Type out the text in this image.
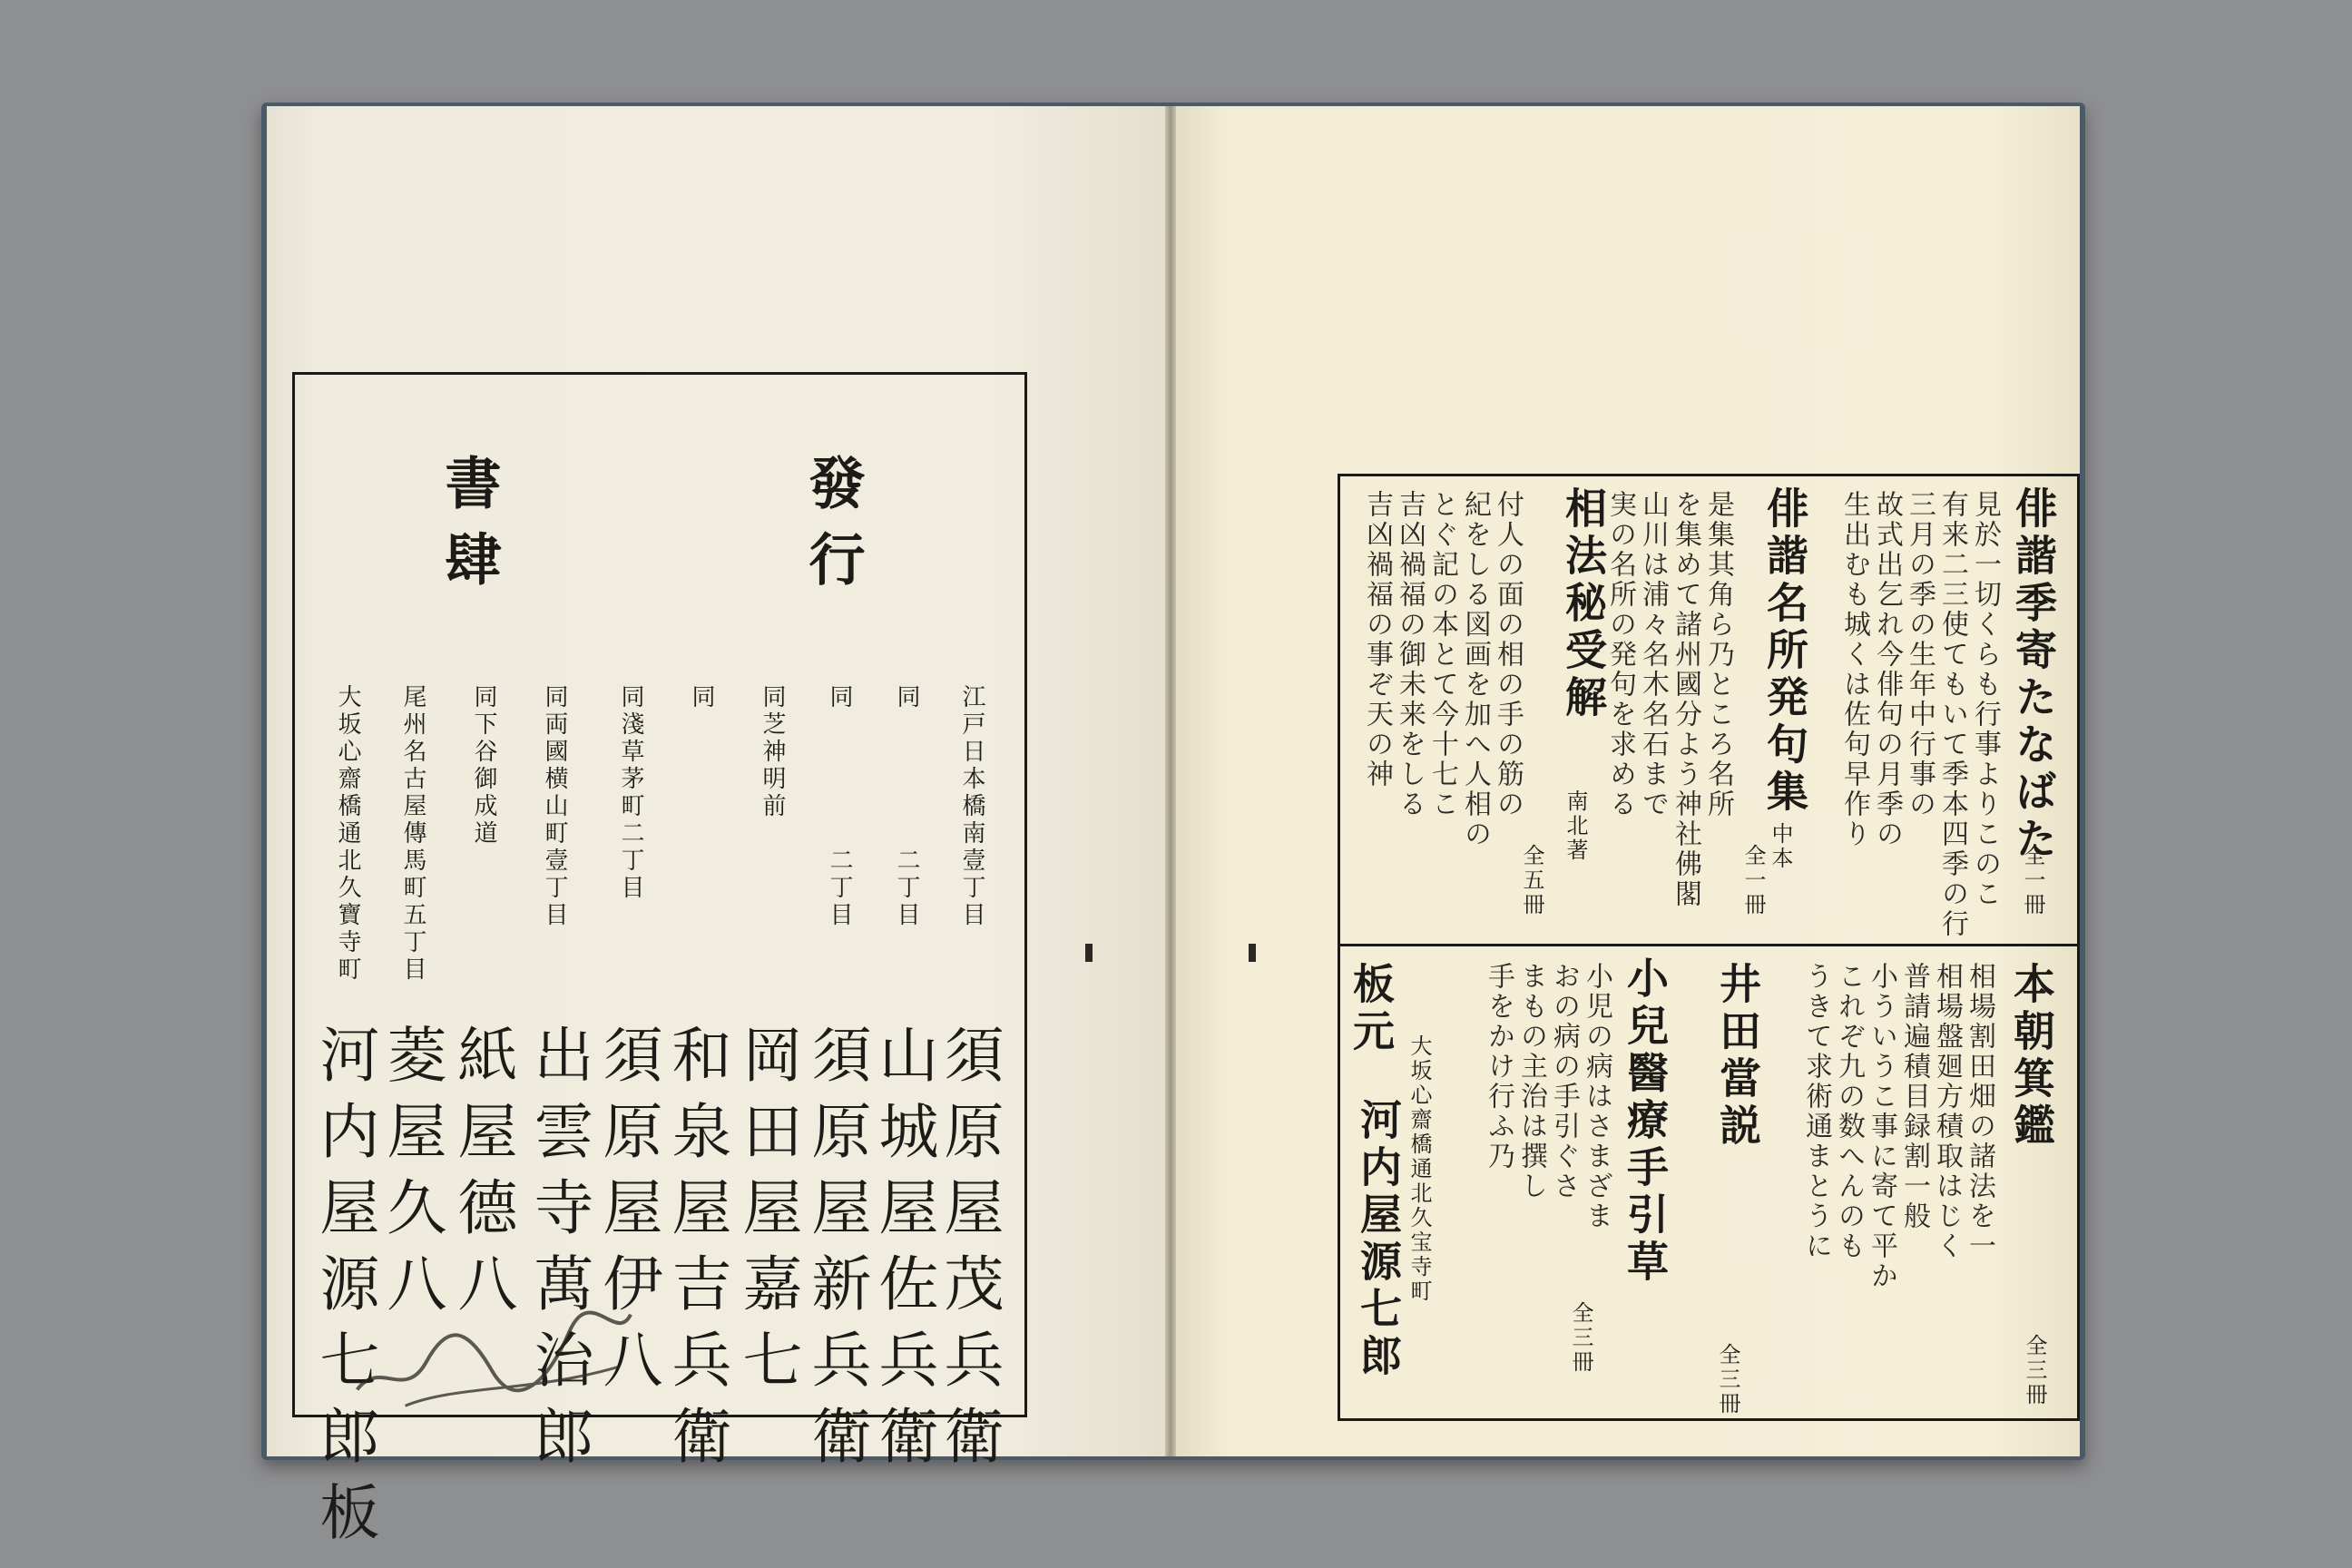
發行
書肆
江戸日本橋南壹丁目
同　　　　　二丁目
同　　　　　二丁目
同芝神明前
同
同淺草茅町二丁目
同両國横山町壹丁目
同下谷御成道
尾州名古屋傳馬町五丁目
大坂心齋橋通北久寶寺町
須原屋茂兵衛
山城屋佐兵衛
須原屋新兵衛
岡田屋嘉七
和泉屋吉兵衛
須原屋伊八
出雲寺萬治郎
紙屋德八
菱屋久八
河内屋源七郎板
俳諧季寄たなばた
全一冊
見於一切くらも行事よりこのこ
有来二三使てもいて季本四季の行
三月の季の生年中行事の
故式出乞れ今俳句の月季の
生出むも城くは佐句早作り
俳諧名所発句集
中本
全一冊
是集其角ら乃ところ名所
を集めて諸州國分よう神社佛閣
山川は浦々名木名石まで
実の名所の発句を求める
相法秘受解
南北著
全五冊
付人の面の相の手の筋の
紀をしる図画を加へ人相の
とぐ記の本とて今十七こ
吉凶禍福の御未来をしる
吉凶禍福の事ぞ天の神
本朝箕鑑
全三冊
相場割田畑の諸法を一
相場盤廻方積取はじく
普請遍積目録割一般
小ういうこ事に寄て平か
これぞ九の数へんのも
うきて求術通まとうに
井田當説
全三冊
小兒醫療手引草
全三冊
小児の病はさまざま
おの病の手引ぐさ
まもの主治は撰し
手をかけ行ふ乃
板元
大坂心齋橋通北久宝寺町
河内屋源七郎
